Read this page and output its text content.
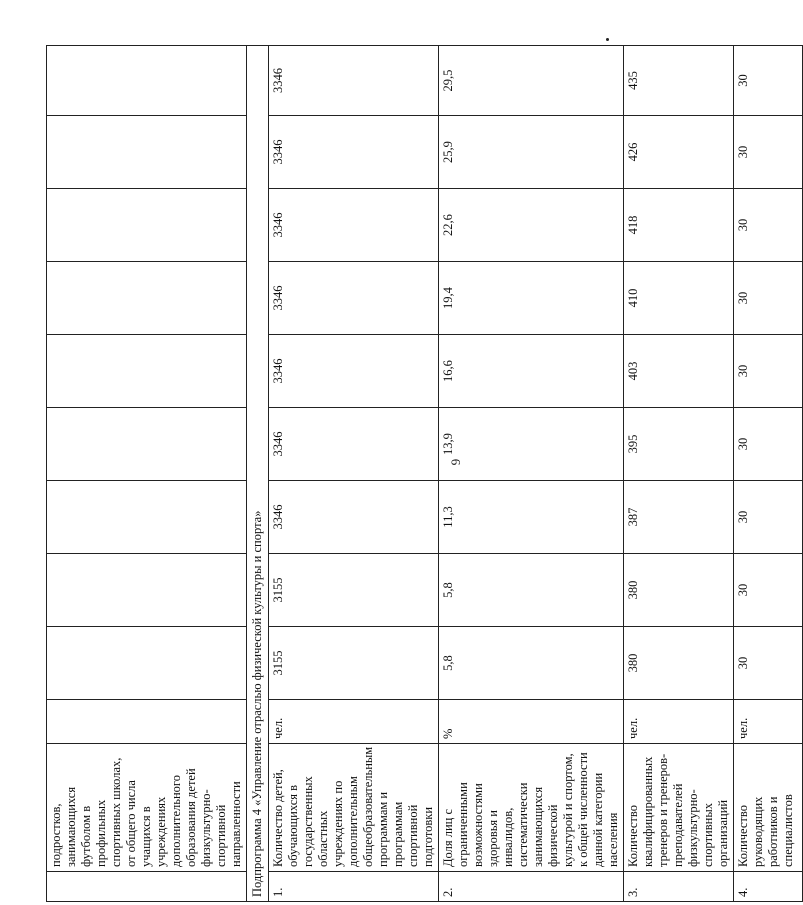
6
	подростков, занимающихся футболом в профильных спортивных школах, от общего числа учащихся в учреждениях дополнительного образования детей физкультурно-спортивной направленности										
Подпрограмма 4 «Управление отраслью физической культуры и спорта»											
1.	Количество детей, обучающихся в государственных областных учреждениях по дополнительным общеобразовательным программам и программам спортивной подготовки	чел.	3155	3155	3346	3346	3346	3346	3346	3346	3346
2.	Доля лиц с ограниченными возможностями здоровья и инвалидов, систематически занимающихся физической культурой и спортом, к общей численности данной категории населения	%	5,8	5,8	11,3	13,9	16,6	19,4	22,6	25,9	29,5
3.	Количество квалифицированных тренеров и тренеров-преподавателей физкультурно-спортивных организаций	чел.	380	380	387	395	403	410	418	426	435
4.	Количество руководящих работников и специалистов	чел.	30	30	30	30	30	30	30	30	30
